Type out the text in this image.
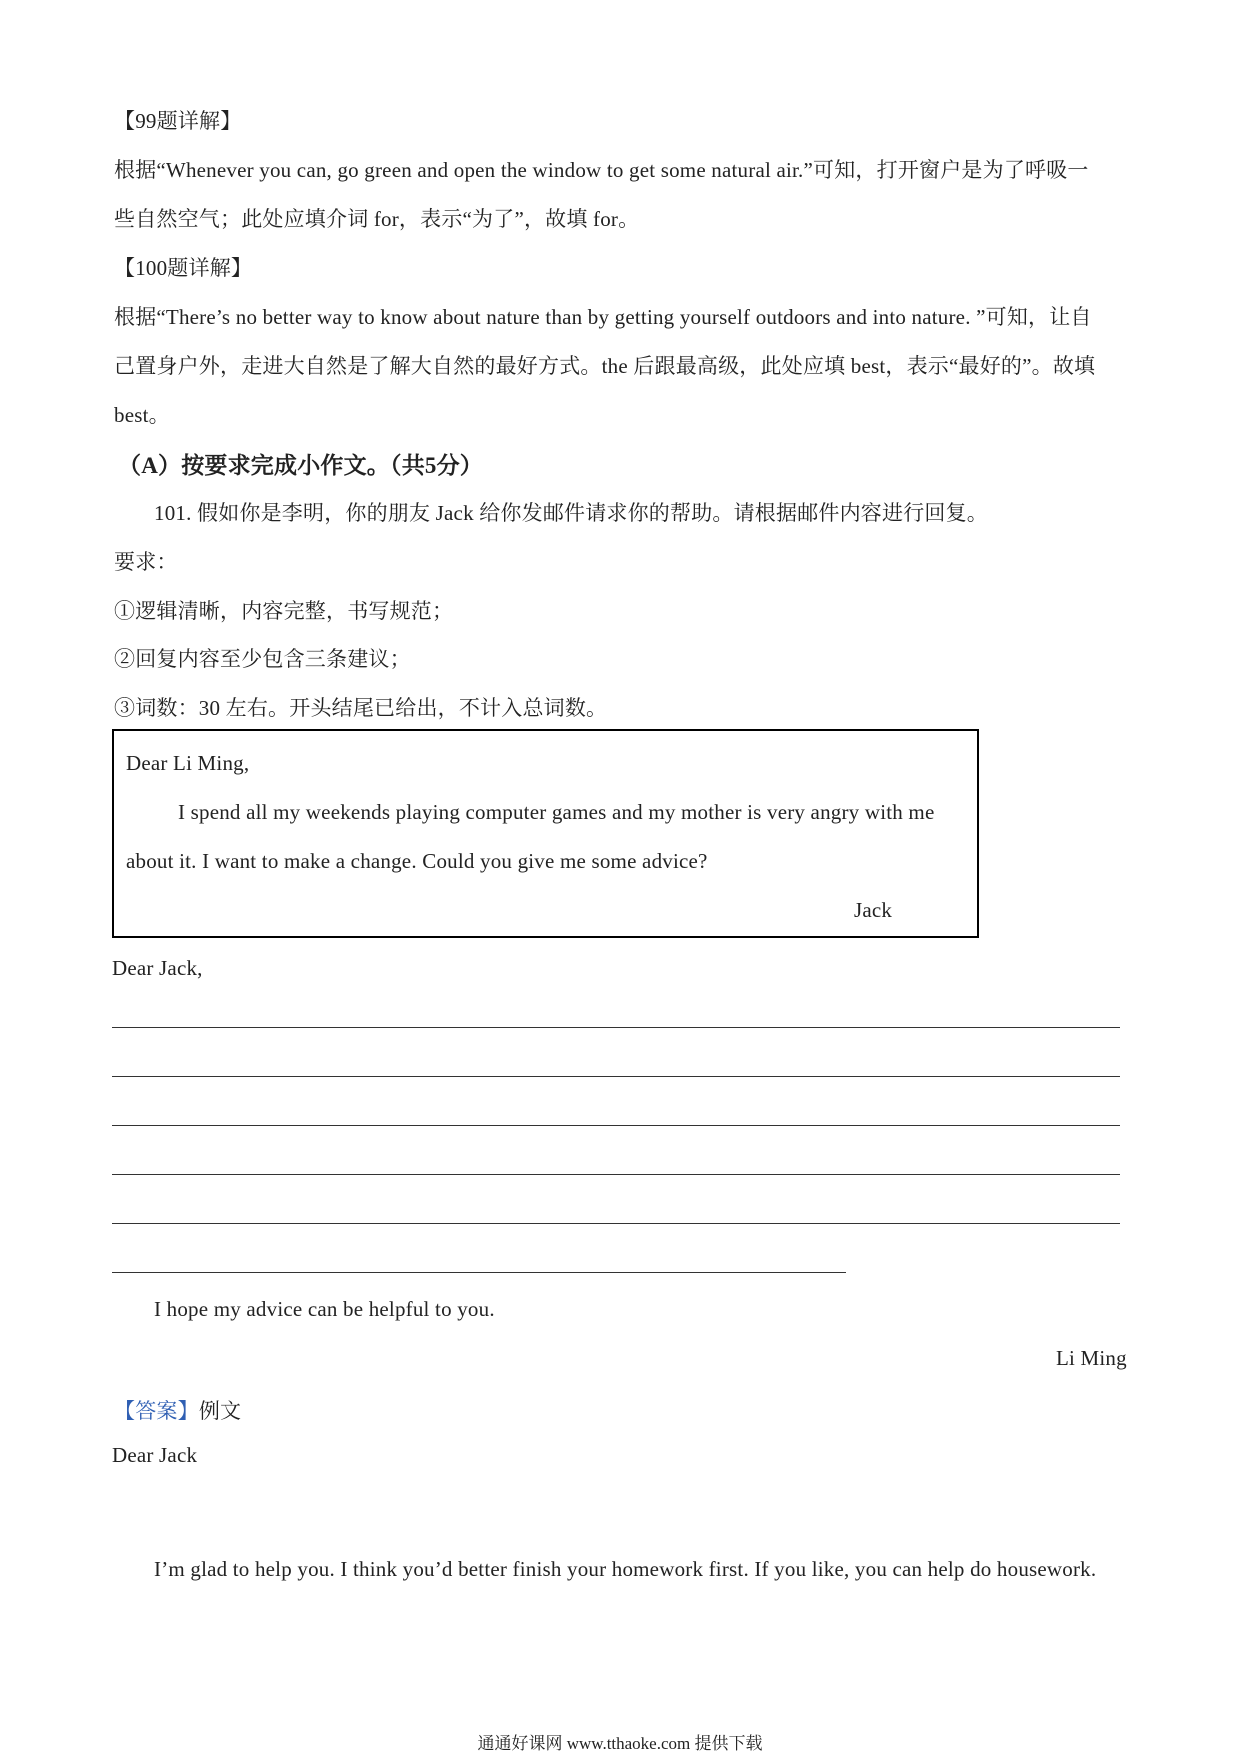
【99题详解】
根据“Whenever you can, go green and open the window to get some natural air.”可知，打开窗户是为了呼吸一
些自然空气；此处应填介词 for，表示“为了”，故填 for。
【100题详解】
根据“There’s no better way to know about nature than by getting yourself outdoors and into nature. ”可知，让自
己置身户外，走进大自然是了解大自然的最好方式。the 后跟最高级，此处应填 best，表示“最好的”。故填
best。
（A）按要求完成小作文。（共5分）
101. 假如你是李明，你的朋友 Jack 给你发邮件请求你的帮助。请根据邮件内容进行回复。
要求：
①逻辑清晰，内容完整，书写规范；
②回复内容至少包含三条建议；
③词数：30 左右。开头结尾已给出，不计入总词数。
Dear Li Ming,
I spend all my weekends playing computer games and my mother is very angry with me
about it. I want to make a change. Could you give me some advice?
Jack
Dear Jack,
I hope my advice can be helpful to you.
Li Ming
【答案】例文
Dear Jack
I’m glad to help you. I think you’d better finish your homework first. If you like, you can help do housework.
通通好课网 www.tthaoke.com 提供下载
